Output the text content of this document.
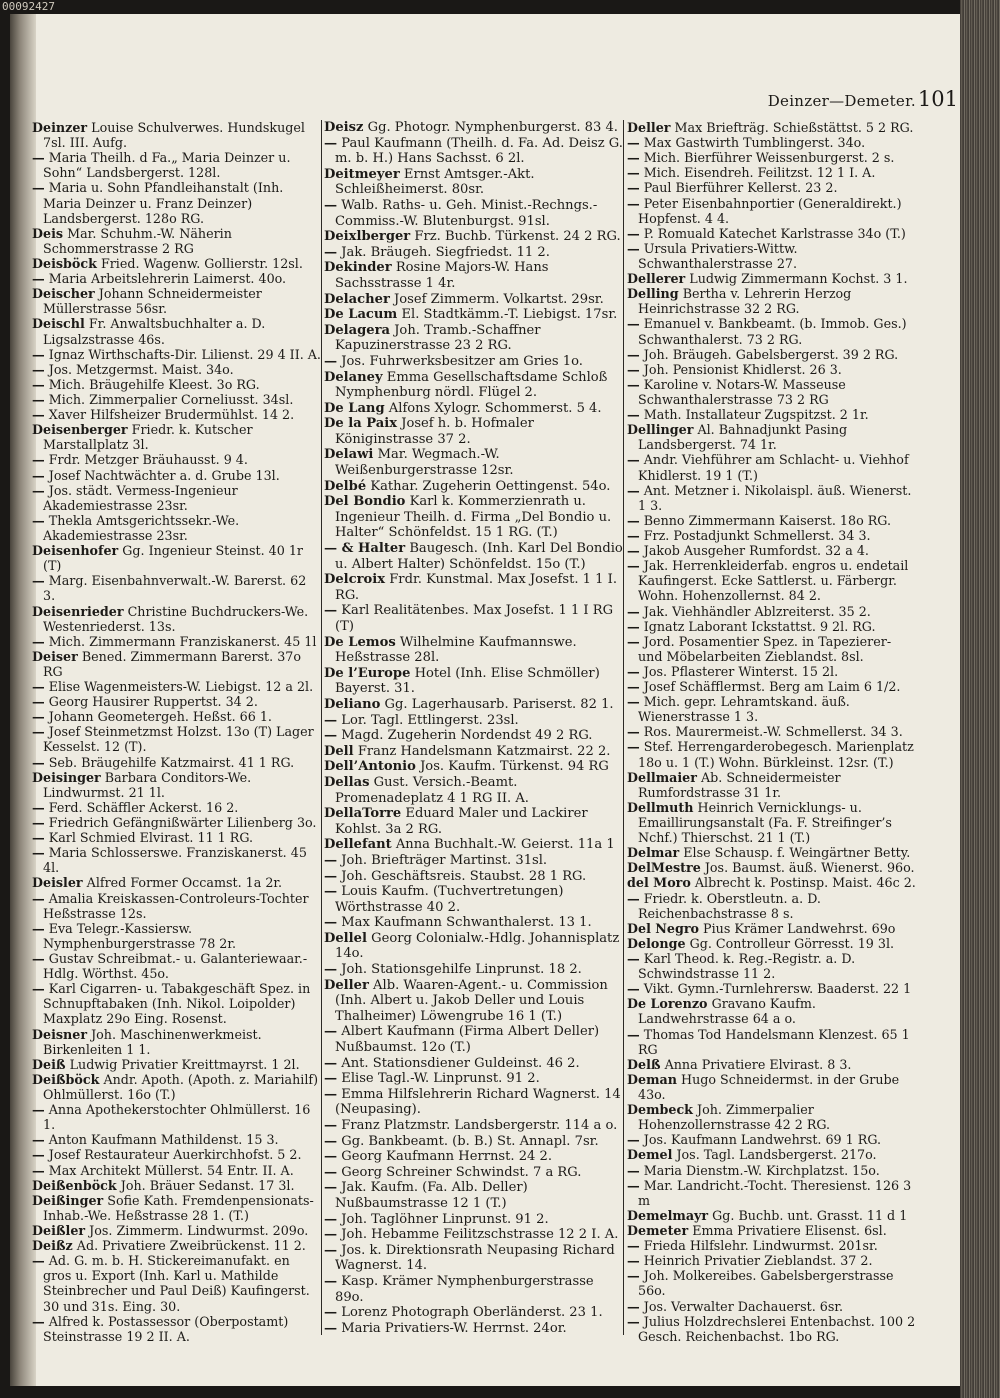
Deinzer—Demeter. 101
Deinzer Louise Schulverwes. Hundskugel 7sl. III. Aufg.
— Maria Theilh. d Fa.„ Maria Deinzer u. Sohn“ Landsbergerst. 128l.
— Maria u. Sohn Pfandleihanstalt (Inh. Maria Deinzer u. Franz Deinzer) Landsbergerst. 128o RG.
Deis Mar. Schuhm.-W. Näherin Schommerstrasse 2 RG
Deisböck Fried. Wagenw. Gollierstr. 12sl.
— Maria Arbeitslehrerin Laimerst. 40o.
Deischer Johann Schneidermeister Müllerstrasse 56sr.
Deischl Fr. Anwaltsbuchhalter a. D. Ligsalzstrasse 46s.
— Ignaz Wirthschafts-Dir. Lilienst. 29 4 II. A.
— Jos. Metzgermst. Maist. 34o.
— Mich. Bräugehilfe Kleest. 3o RG.
— Mich. Zimmerpalier Corneliusst. 34sl.
— Xaver Hilfsheizer Brudermühlst. 14 2.
Deisenberger Friedr. k. Kutscher Marstallplatz 3l.
— Frdr. Metzger Bräuhausst. 9 4.
— Josef Nachtwächter a. d. Grube 13l.
— Jos. städt. Vermess-Ingenieur Akademiestrasse 23sr.
— Thekla Amtsgerichtssekr.-We. Akademiestrasse 23sr.
Deisenhofer Gg. Ingenieur Steinst. 40 1r (T)
— Marg. Eisenbahnverwalt.-W. Barerst. 62 3.
Deisenrieder Christine Buchdruckers-We. Westenriederst. 13s.
— Mich. Zimmermann Franziskanerst. 45 1l
Deiser Bened. Zimmermann Barerst. 37o RG
— Elise Wagenmeisters-W. Liebigst. 12 a 2l.
— Georg Hausirer Ruppertst. 34 2.
— Johann Geometergeh. Heßst. 66 1.
— Josef Steinmetzmst Holzst. 13o (T) Lager Kesselst. 12 (T).
— Seb. Bräugehilfe Katzmairst. 41 1 RG.
Deisinger Barbara Conditors-We. Lindwurmst. 21 1l.
— Ferd. Schäffler Ackerst. 16 2.
— Friedrich Gefängnißwärter Lilienberg 3o.
— Karl Schmied Elvirast. 11 1 RG.
— Maria Schlosserswe. Franziskanerst. 45 4l.
Deisler Alfred Former Occamst. 1a 2r.
— Amalia Kreiskassen-Controleurs-Tochter Heßstrasse 12s.
— Eva Telegr.-Kassiersw. Nymphenburgerstrasse 78 2r.
— Gustav Schreibmat.- u. Galanteriewaar.-Hdlg. Wörthst. 45o.
— Karl Cigarren- u. Tabakgeschäft Spez. in Schnupftabaken (Inh. Nikol. Loipolder) Maxplatz 29o Eing. Rosenst.
Deisner Joh. Maschinenwerkmeist. Birkenleiten 1 1.
Deiß Ludwig Privatier Kreittmayrst. 1 2l.
Deißböck Andr. Apoth. (Apoth. z. Mariahilf) Ohlmüllerst. 16o (T.)
— Anna Apothekerstochter Ohlmüllerst. 16 1.
— Anton Kaufmann Mathildenst. 15 3.
— Josef Restaurateur Auerkirchhofst. 5 2.
— Max Architekt Müllerst. 54 Entr. II. A.
Deißenböck Joh. Bräuer Sedanst. 17 3l.
Deißinger Sofie Kath. Fremdenpensionats-Inhab.-We. Heßstrasse 28 1. (T.)
Deißler Jos. Zimmerm. Lindwurmst. 209o.
Deißz Ad. Privatiere Zweibrückenst. 11 2.
— Ad. G. m. b. H. Stickereimanufakt. en gros u. Export (Inh. Karl u. Mathilde Steinbrecher und Paul Deiß) Kaufingerst. 30 und 31s. Eing. 30.
— Alfred k. Postassessor (Oberpostamt) Steinstrasse 19 2 II. A.
Deisz Gg. Photogr. Nymphenburgerst. 83 4.
— Paul Kaufmann (Theilh. d. Fa. Ad. Deisz G. m. b. H.) Hans Sachsst. 6 2l.
Deitmeyer Ernst Amtsger.-Akt. Schleißheimerst. 80sr.
— Walb. Raths- u. Geh. Minist.-Rechngs.-Commiss.-W. Blutenburgst. 91sl.
Deixlberger Frz. Buchb. Türkenst. 24 2 RG.
— Jak. Bräugeh. Siegfriedst. 11 2.
Dekinder Rosine Majors-W. Hans Sachsstrasse 1 4r.
Delacher Josef Zimmerm. Volkartst. 29sr.
De Lacum El. Stadtkämm.-T. Liebigst. 17sr.
Delagera Joh. Tramb.-Schaffner Kapuzinerstrasse 23 2 RG.
— Jos. Fuhrwerksbesitzer am Gries 1o.
Delaney Emma Gesellschaftsdame Schloß Nymphenburg nördl. Flügel 2.
De Lang Alfons Xylogr. Schommerst. 5 4.
De la Paix Josef h. b. Hofmaler Königinstrasse 37 2.
Delawi Mar. Wegmach.-W. Weißenburgerstrasse 12sr.
Delbé Kathar. Zugeherin Oettingenst. 54o.
Del Bondio Karl k. Kommerzienrath u. Ingenieur Theilh. d. Firma „Del Bondio u. Halter“ Schönfeldst. 15 1 RG. (T.)
— & Halter Baugesch. (Inh. Karl Del Bondio u. Albert Halter) Schönfeldst. 15o (T.)
Delcroix Frdr. Kunstmal. Max Josefst. 1 1 I. RG.
— Karl Realitätenbes. Max Josefst. 1 1 I RG (T)
De Lemos Wilhelmine Kaufmannswe. Heßstrasse 28l.
De l’Europe Hotel (Inh. Elise Schmöller) Bayerst. 31.
Deliano Gg. Lagerhausarb. Pariserst. 82 1.
— Lor. Tagl. Ettlingerst. 23sl.
— Magd. Zugeherin Nordendst 49 2 RG.
Dell Franz Handelsmann Katzmairst. 22 2.
Dell’Antonio Jos. Kaufm. Türkenst. 94 RG
Dellas Gust. Versich.-Beamt. Promenadeplatz 4 1 RG II. A.
DellaTorre Eduard Maler und Lackirer Kohlst. 3a 2 RG.
Dellefant Anna Buchhalt.-W. Geierst. 11a 1
— Joh. Briefträger Martinst. 31sl.
— Joh. Geschäftsreis. Staubst. 28 1 RG.
— Louis Kaufm. (Tuchvertretungen) Wörthstrasse 40 2.
— Max Kaufmann Schwanthalerst. 13 1.
Dellel Georg Colonialw.-Hdlg. Johannisplatz 14o.
— Joh. Stationsgehilfe Linprunst. 18 2.
Deller Alb. Waaren-Agent.- u. Commission (Inh. Albert u. Jakob Deller und Louis Thalheimer) Löwengrube 16 1 (T.)
— Albert Kaufmann (Firma Albert Deller) Nußbaumst. 12o (T.)
— Ant. Stationsdiener Guldeinst. 46 2.
— Elise Tagl.-W. Linprunst. 91 2.
— Emma Hilfslehrerin Richard Wagnerst. 14 (Neupasing).
— Franz Platzmstr. Landsbergerstr. 114 a o.
— Gg. Bankbeamt. (b. B.) St. Annapl. 7sr.
— Georg Kaufmann Herrnst. 24 2.
— Georg Schreiner Schwindst. 7 a RG.
— Jak. Kaufm. (Fa. Alb. Deller) Nußbaumstrasse 12 1 (T.)
— Joh. Taglöhner Linprunst. 91 2.
— Joh. Hebamme Feilitzschstrasse 12 2 I. A.
— Jos. k. Direktionsrath Neupasing Richard Wagnerst. 14.
— Kasp. Krämer Nymphenburgerstrasse 89o.
— Lorenz Photograph Oberländerst. 23 1.
— Maria Privatiers-W. Herrnst. 24or.
Deller Max Briefträg. Schießstättst. 5 2 RG.
— Max Gastwirth Tumblingerst. 34o.
— Mich. Bierführer Weissenburgerst. 2 s.
— Mich. Eisendreh. Feilitzst. 12 1 I. A.
— Paul Bierführer Kellerst. 23 2.
— Peter Eisenbahnportier (Generaldirekt.) Hopfenst. 4 4.
— P. Romuald Katechet Karlstrasse 34o (T.)
— Ursula Privatiers-Wittw. Schwanthalerstrasse 27.
Dellerer Ludwig Zimmermann Kochst. 3 1.
Delling Bertha v. Lehrerin Herzog Heinrichstrasse 32 2 RG.
— Emanuel v. Bankbeamt. (b. Immob. Ges.) Schwanthalerst. 73 2 RG.
— Joh. Bräugeh. Gabelsbergerst. 39 2 RG.
— Joh. Pensionist Khidlerst. 26 3.
— Karoline v. Notars-W. Masseuse Schwanthalerstrasse 73 2 RG
— Math. Installateur Zugspitzst. 2 1r.
Dellinger Al. Bahnadjunkt Pasing Landsbergerst. 74 1r.
— Andr. Viehführer am Schlacht- u. Viehhof Khidlerst. 19 1 (T.)
— Ant. Metzner i. Nikolaispl. äuß. Wienerst. 1 3.
— Benno Zimmermann Kaiserst. 18o RG.
— Frz. Postadjunkt Schmellerst. 34 3.
— Jakob Ausgeher Rumfordst. 32 a 4.
— Jak. Herrenkleiderfab. engros u. endetail Kaufingerst. Ecke Sattlerst. u. Färbergr. Wohn. Hohenzollernst. 84 2.
— Jak. Viehhändler Ablzreiterst. 35 2.
— Ignatz Laborant Ickstattst. 9 2l. RG.
— Jord. Posamentier Spez. in Tapezierer- und Möbelarbeiten Zieblandst. 8sl.
— Jos. Pflasterer Winterst. 15 2l.
— Josef Schäfflermst. Berg am Laim 6 1/2.
— Mich. gepr. Lehramtskand. äuß. Wienerstrasse 1 3.
— Ros. Maurermeist.-W. Schmellerst. 34 3.
— Stef. Herrengarderobegesch. Marienplatz 18o u. 1 (T.) Wohn. Bürkleinst. 12sr. (T.)
Dellmaier Ab. Schneidermeister Rumfordstrasse 31 1r.
Dellmuth Heinrich Vernicklungs- u. Emaillirungsanstalt (Fa. F. Streifinger’s Nchf.) Thierschst. 21 1 (T.)
Delmar Else Schausp. f. Weingärtner Betty.
DelMestre Jos. Baumst. äuß. Wienerst. 96o.
del Moro Albrecht k. Postinsp. Maist. 46c 2.
— Friedr. k. Oberstleutn. a. D. Reichenbachstrasse 8 s.
Del Negro Pius Krämer Landwehrst. 69o
Delonge Gg. Controlleur Görresst. 19 3l.
— Karl Theod. k. Reg.-Registr. a. D. Schwindstrasse 11 2.
— Vikt. Gymn.-Turnlehrersw. Baaderst. 22 1
De Lorenzo Gravano Kaufm. Landwehrstrasse 64 a o.
— Thomas Tod Handelsmann Klenzest. 65 1 RG
Delß Anna Privatiere Elvirast. 8 3.
Deman Hugo Schneidermst. in der Grube 43o.
Dembeck Joh. Zimmerpalier Hohenzollernstrasse 42 2 RG.
— Jos. Kaufmann Landwehrst. 69 1 RG.
Demel Jos. Tagl. Landsbergerst. 217o.
— Maria Dienstm.-W. Kirchplatzst. 15o.
— Mar. Landricht.-Tocht. Theresienst. 126 3 m
Demelmayr Gg. Buchb. unt. Grasst. 11 d 1
Demeter Emma Privatiere Elisenst. 6sl.
— Frieda Hilfslehr. Lindwurmst. 201sr.
— Heinrich Privatier Zieblandst. 37 2.
— Joh. Molkereibes. Gabelsbergerstrasse 56o.
— Jos. Verwalter Dachauerst. 6sr.
— Julius Holzdrechslerei Entenbachst. 100 2 Gesch. Reichenbachst. 1bo RG.
00092427
